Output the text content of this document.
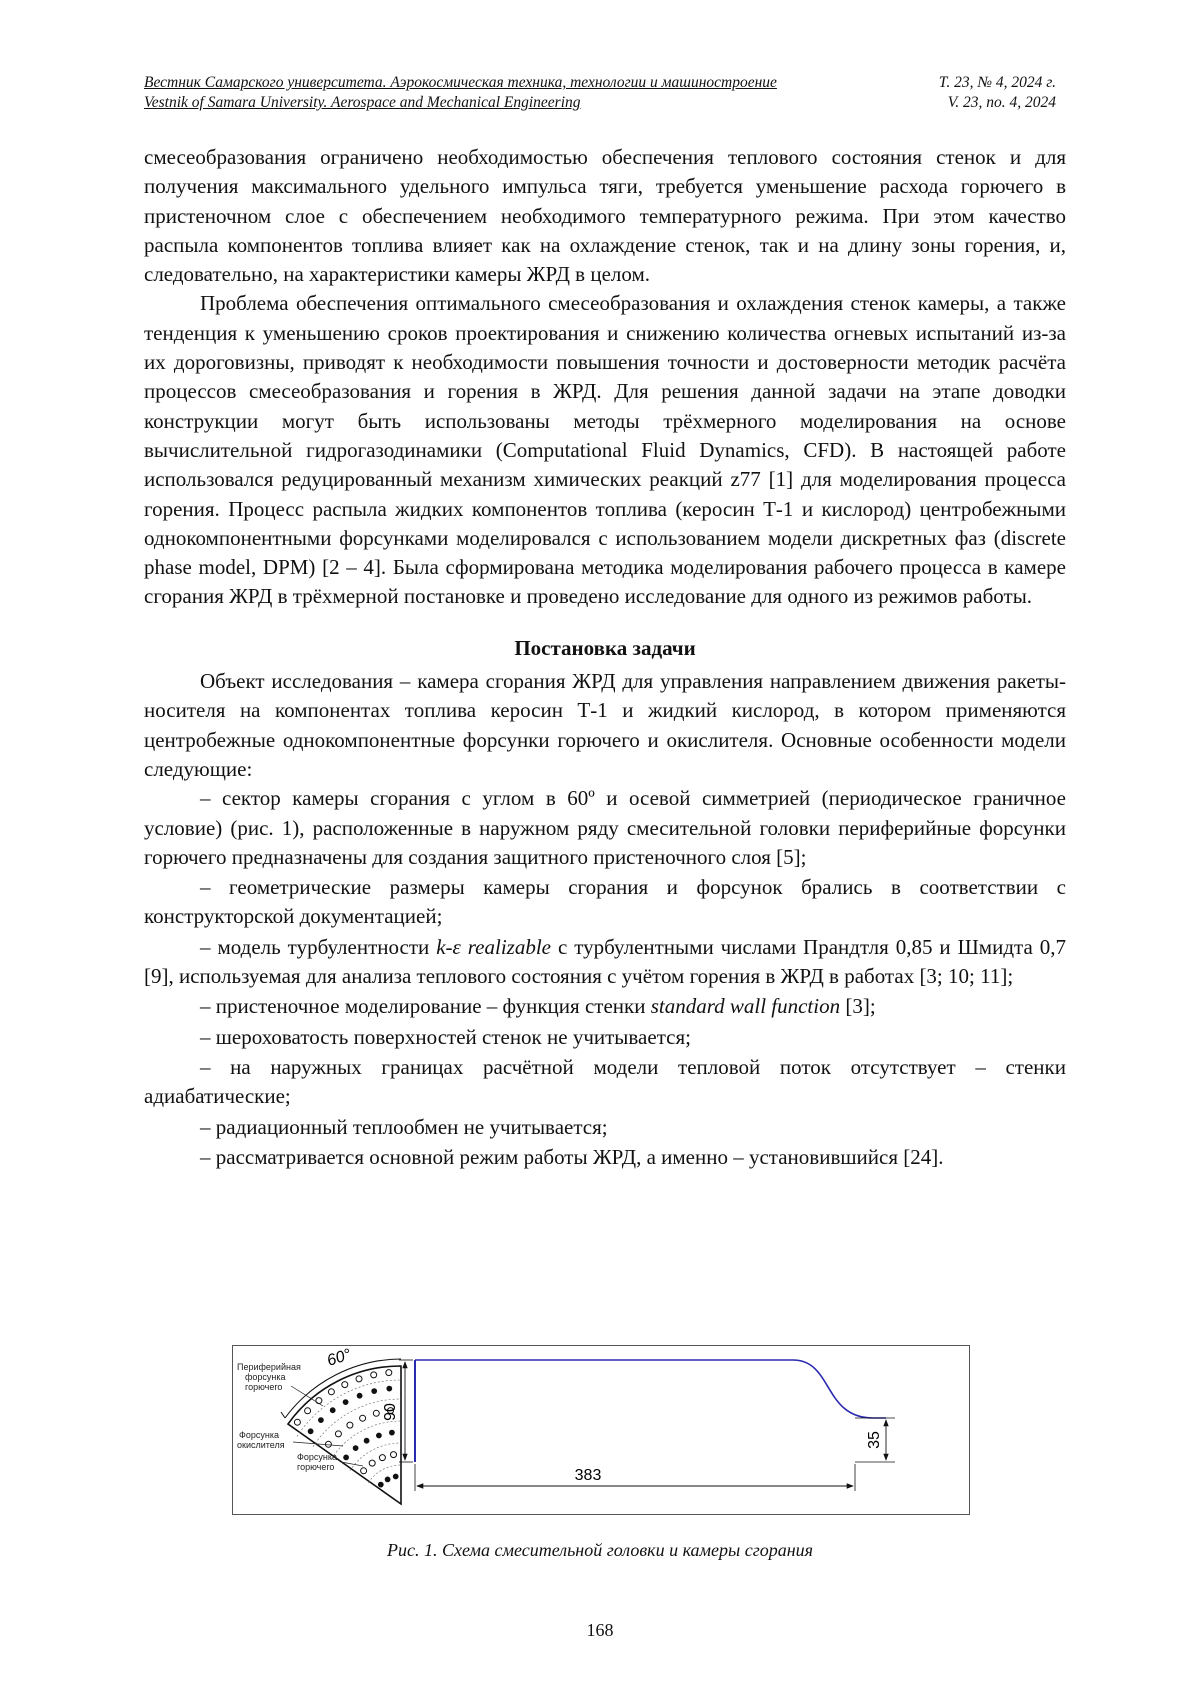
Вестник Самарского университета. Аэрокосмическая техника, технологии и машиностроение	Т. 23, № 4, 2024 г.
Vestnik of Samara University. Aerospace and Mechanical Engineering	V. 23, no. 4, 2024

смесеобразования ограничено необходимостью обеспечения теплового состояния стенок и для получения максимального удельного импульса тяги, требуется уменьшение расхода горючего в пристеночном слое с обеспечением необходимого температурного режима. При этом качество распыла компонентов топлива влияет как на охлаждение стенок, так и на длину зоны горения, и, следовательно, на характеристики камеры ЖРД в целом.

Проблема обеспечения оптимального смесеобразования и охлаждения стенок камеры, а также тенденция к уменьшению сроков проектирования и снижению количества огневых испытаний из-за их дороговизны, приводят к необходимости повышения точности и достоверности методик расчёта процессов смесеобразования и горения в ЖРД. Для решения данной задачи на этапе доводки конструкции могут быть использованы методы трёхмерного моделирования на основе вычислительной гидрогазодинамики (Computational Fluid Dynamics, CFD). В настоящей работе использовался редуцированный механизм химических реакций z77 [1] для моделирования процесса горения. Процесс распыла жидких компонентов топлива (керосин Т-1 и кислород) центробежными однокомпонентными форсунками моделировался с использованием модели дискретных фаз (discrete phase model, DPM) [2 – 4]. Была сформирована методика моделирования рабочего процесса в камере сгорания ЖРД в трёхмерной постановке и проведено исследование для одного из режимов работы.

Постановка задачи

Объект исследования – камера сгорания ЖРД для управления направлением движения ракеты-носителя на компонентах топлива керосин Т-1 и жидкий кислород, в котором применяются центробежные однокомпонентные форсунки горючего и окислителя. Основные особенности модели следующие:

– сектор камеры сгорания с углом в 60º и осевой симметрией (периодическое граничное условие) (рис. 1), расположенные в наружном ряду смесительной головки периферийные форсунки горючего предназначены для создания защитного пристеночного слоя [5];

– геометрические размеры камеры сгорания и форсунок брались в соответствии с конструкторской документацией;

– модель турбулентности k-ε realizable с турбулентными числами Прандтля 0,85 и Шмидта 0,7 [9], используемая для анализа теплового состояния с учётом горения в ЖРД в работах [3; 10; 11];

– пристеночное моделирование – функция стенки standard wall function [3];

– шероховатость поверхностей стенок не учитывается;

– на наружных границах расчётной модели тепловой поток отсутствует – стенки адиабатические;

– радиационный теплообмен не учитывается;

– рассматривается основной режим работы ЖРД, а именно – установившийся [24].

60°
Периферийная
форсунка
горючего
Форсунка
окислителя
Форсунка
горючего
90
35
383
Рис. 1. Схема смесительной головки и камеры сгорания
168
